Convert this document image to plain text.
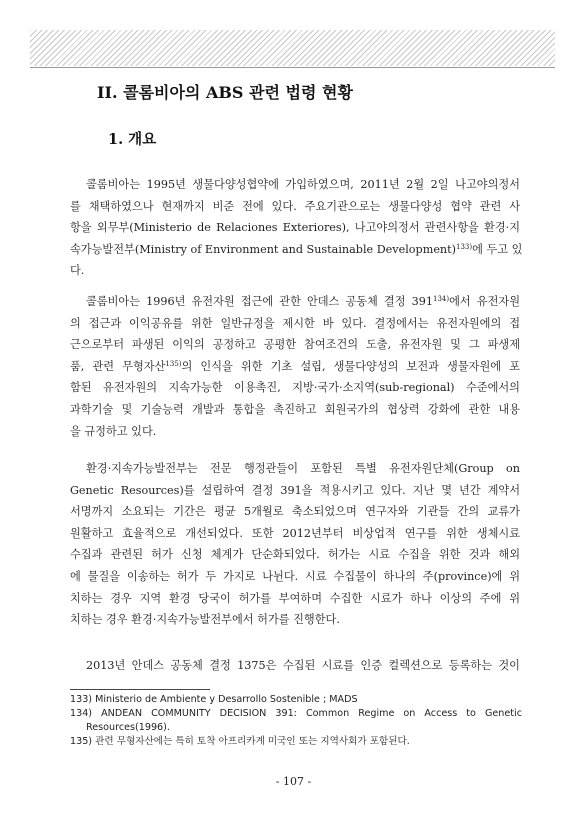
II. 콜롬비아의 ABS 관련 법령 현황
1. 개요

콜롬비아는 1995년 생물다양성협약에 가입하였으며, 2011년 2월 2일 나고야의정서
를 채택하였으나 현재까지 비준 전에 있다. 주요기관으로는 생물다양성 협약 관련 사
항을 외무부(Ministerio de Relaciones Exteriores), 나고야의정서 관련사항을 환경·지
속가능발전부(Ministry of Environment and Sustainable Development)$^{133)}$에 두고 있
다.

콜롬비아는 1996년 유전자원 접근에 관한 안데스 공동체 결정 391$^{134)}$에서 유전자원
의 접근과 이익공유를 위한 일반규정을 제시한 바 있다. 결정에서는 유전자원에의 접
근으로부터 파생된 이익의 공정하고 공평한 참여조건의 도출, 유전자원 및 그 파생제
품, 관련 무형자산$^{135)}$의 인식을 위한 기초 설립, 생물다양성의 보전과 생물자원에 포
함된 유전자원의 지속가능한 이용촉진, 지방·국가·소지역(sub-regional) 수준에서의
과학기술 및 기술능력 개발과 통합을 촉진하고 회원국가의 협상력 강화에 관한 내용
을 규정하고 있다.

환경·지속가능발전부는 전문 행정관들이 포함된 특별 유전자원단체(Group on
Genetic Resources)를 설립하여 결정 391을 적용시키고 있다. 지난 몇 년간 계약서
서명까지 소요되는 기간은 평균 5개월로 축소되었으며 연구자와 기관들 간의 교류가
원활하고 효율적으로 개선되었다. 또한 2012년부터 비상업적 연구를 위한 생체시료
수집과 관련된 허가 신청 체계가 단순화되었다. 허가는 시료 수집을 위한 것과 해외
에 물질을 이송하는 허가 두 가지로 나뉜다. 시료 수집물이 하나의 주(province)에 위
치하는 경우 지역 환경 당국이 허가를 부여하며 수집한 시료가 하나 이상의 주에 위
치하는 경우 환경·지속가능발전부에서 허가를 진행한다.

2013년 안데스 공동체 결정 1375은 수집된 시료를 인증 컬렉션으로 등록하는 것이

133) Ministerio de Ambiente y Desarrollo Sostenible ; MADS

134) ANDEAN COMMUNITY DECISION 391: Common Regime on Access to Genetic
Resources(1996).

135) 관련 무형자산에는 특히 토착 아프리카계 미국인 또는 지역사회가 포함된다.

- 107 -
